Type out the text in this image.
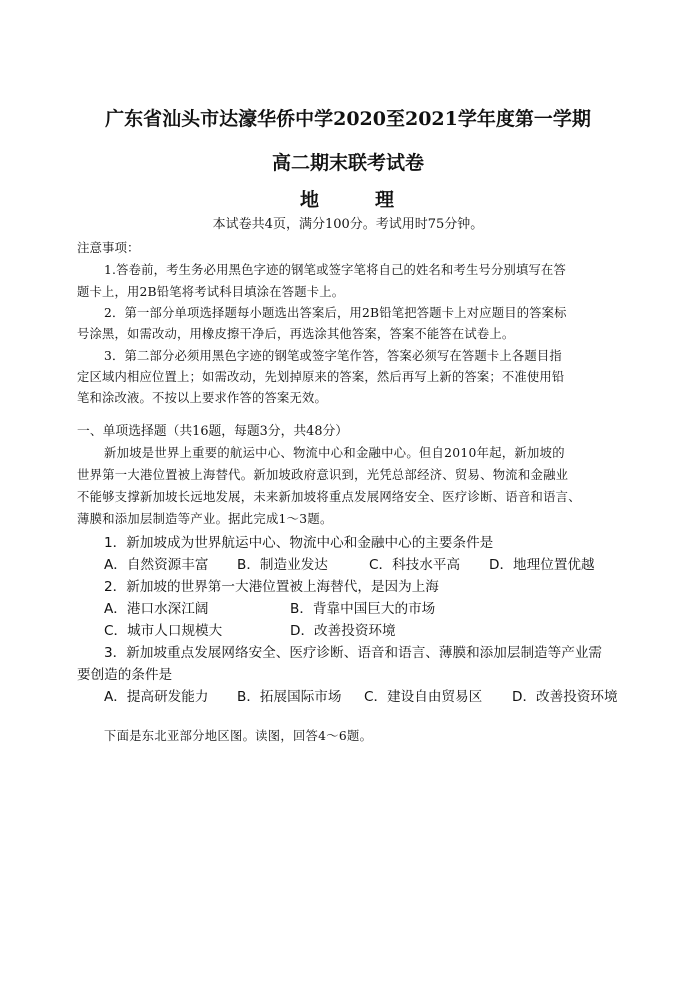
广东省汕头市达濠华侨中学2020至2021学年度第一学期
高二期末联考试卷
地	理
本试卷共4页，满分100分。考试用时75分钟。
注意事项：
1.答卷前，考生务必用黑色字迹的钢笔或签字笔将自己的姓名和考生号分别填写在答
题卡上，用2B铅笔将考试科目填涂在答题卡上。
2．第一部分单项选择题每小题选出答案后，用2B铅笔把答题卡上对应题目的答案标
号涂黑，如需改动，用橡皮擦干净后，再选涂其他答案，答案不能答在试卷上。
3．第二部分必须用黑色字迹的钢笔或签字笔作答，答案必须写在答题卡上各题目指
定区域内相应位置上；如需改动，先划掉原来的答案，然后再写上新的答案；不准使用铅
笔和涂改液。不按以上要求作答的答案无效。
一、单项选择题（共16题，每题3分，共48分）
新加坡是世界上重要的航运中心、物流中心和金融中心。但自2010年起，新加坡的
世界第一大港位置被上海替代。新加坡政府意识到，光凭总部经济、贸易、物流和金融业
不能够支撑新加坡长远地发展，未来新加坡将重点发展网络安全、医疗诊断、语音和语言、
薄膜和添加层制造等产业。据此完成1～3题。
1．新加坡成为世界航运中心、物流中心和金融中心的主要条件是
A．自然资源丰富 B．制造业发达	C．科技水平高 D．地理位置优越
2．新加坡的世界第一大港位置被上海替代，是因为上海
A．港口水深江阔	B．背靠中国巨大的市场
C．城市人口规模大	D．改善投资环境
3．新加坡重点发展网络安全、医疗诊断、语音和语言、薄膜和添加层制造等产业需
要创造的条件是
A．提高研发能力 B．拓展国际市场 C．建设自由贸易区 D．改善投资环境
下面是东北亚部分地区图。读图，回答4～6题。
